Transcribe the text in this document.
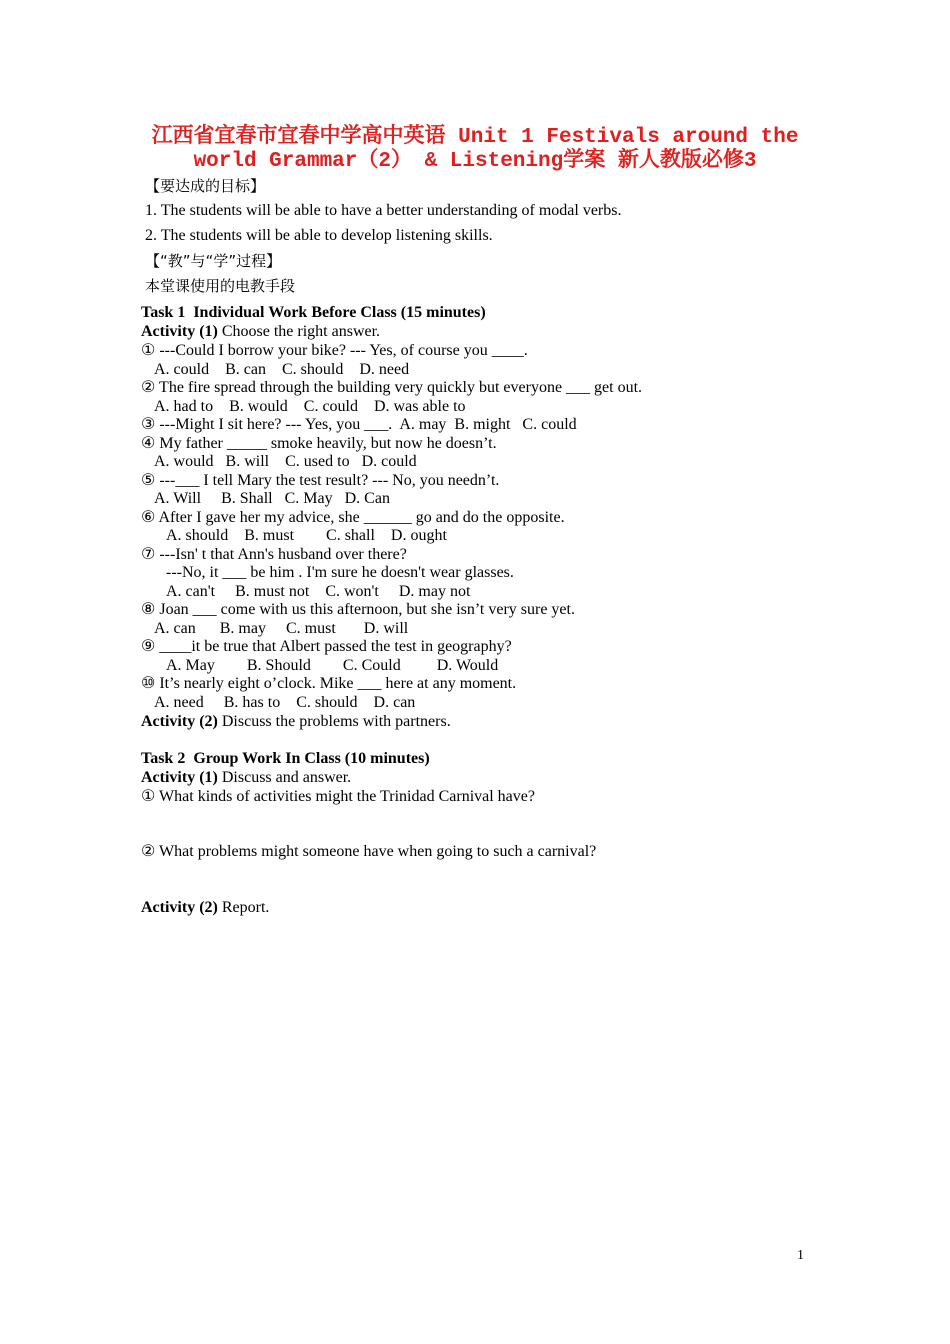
江西省宜春市宜春中学高中英语 Unit 1 Festivals around the
world Grammar（2） & Listening学案 新人教版必修3
【要达成的目标】
1. The students will be able to have a better understanding of modal verbs.
2. The students will be able to develop listening skills.
【“教”与“学”过程】
本堂课使用的电教手段
Task 1  Individual Work Before Class (15 minutes)
Activity (1) Choose the right answer.
① ---Could I borrow your bike? --- Yes, of course you ____.
A. could    B. can    C. should    D. need
② The fire spread through the building very quickly but everyone ___ get out.
A. had to    B. would    C. could    D. was able to
③ ---Might I sit here? --- Yes, you ___.  A. may  B. might   C. could
④ My father _____ smoke heavily, but now he doesn’t.
A. would   B. will    C. used to   D. could
⑤ ---___ I tell Mary the test result? --- No, you needn’t.
A. Will     B. Shall   C. May   D. Can
⑥ After I gave her my advice, she ______ go and do the opposite.
A. should    B. must        C. shall    D. ought
⑦ ---Isn' t that Ann's husband over there?
---No, it ___ be him . I'm sure he doesn't wear glasses.
A. can't     B. must not    C. won't     D. may not
⑧ Joan ___ come with us this afternoon, but she isn’t very sure yet.
A. can      B. may     C. must       D. will
⑨ ____it be true that Albert passed the test in geography?
A. May        B. Should        C. Could         D. Would
⑩ It’s nearly eight o’clock. Mike ___ here at any moment.
A. need     B. has to    C. should    D. can
Activity (2) Discuss the problems with partners.
Task 2  Group Work In Class (10 minutes)
Activity (1) Discuss and answer.
① What kinds of activities might the Trinidad Carnival have?
② What problems might someone have when going to such a carnival?
Activity (2) Report.
1
